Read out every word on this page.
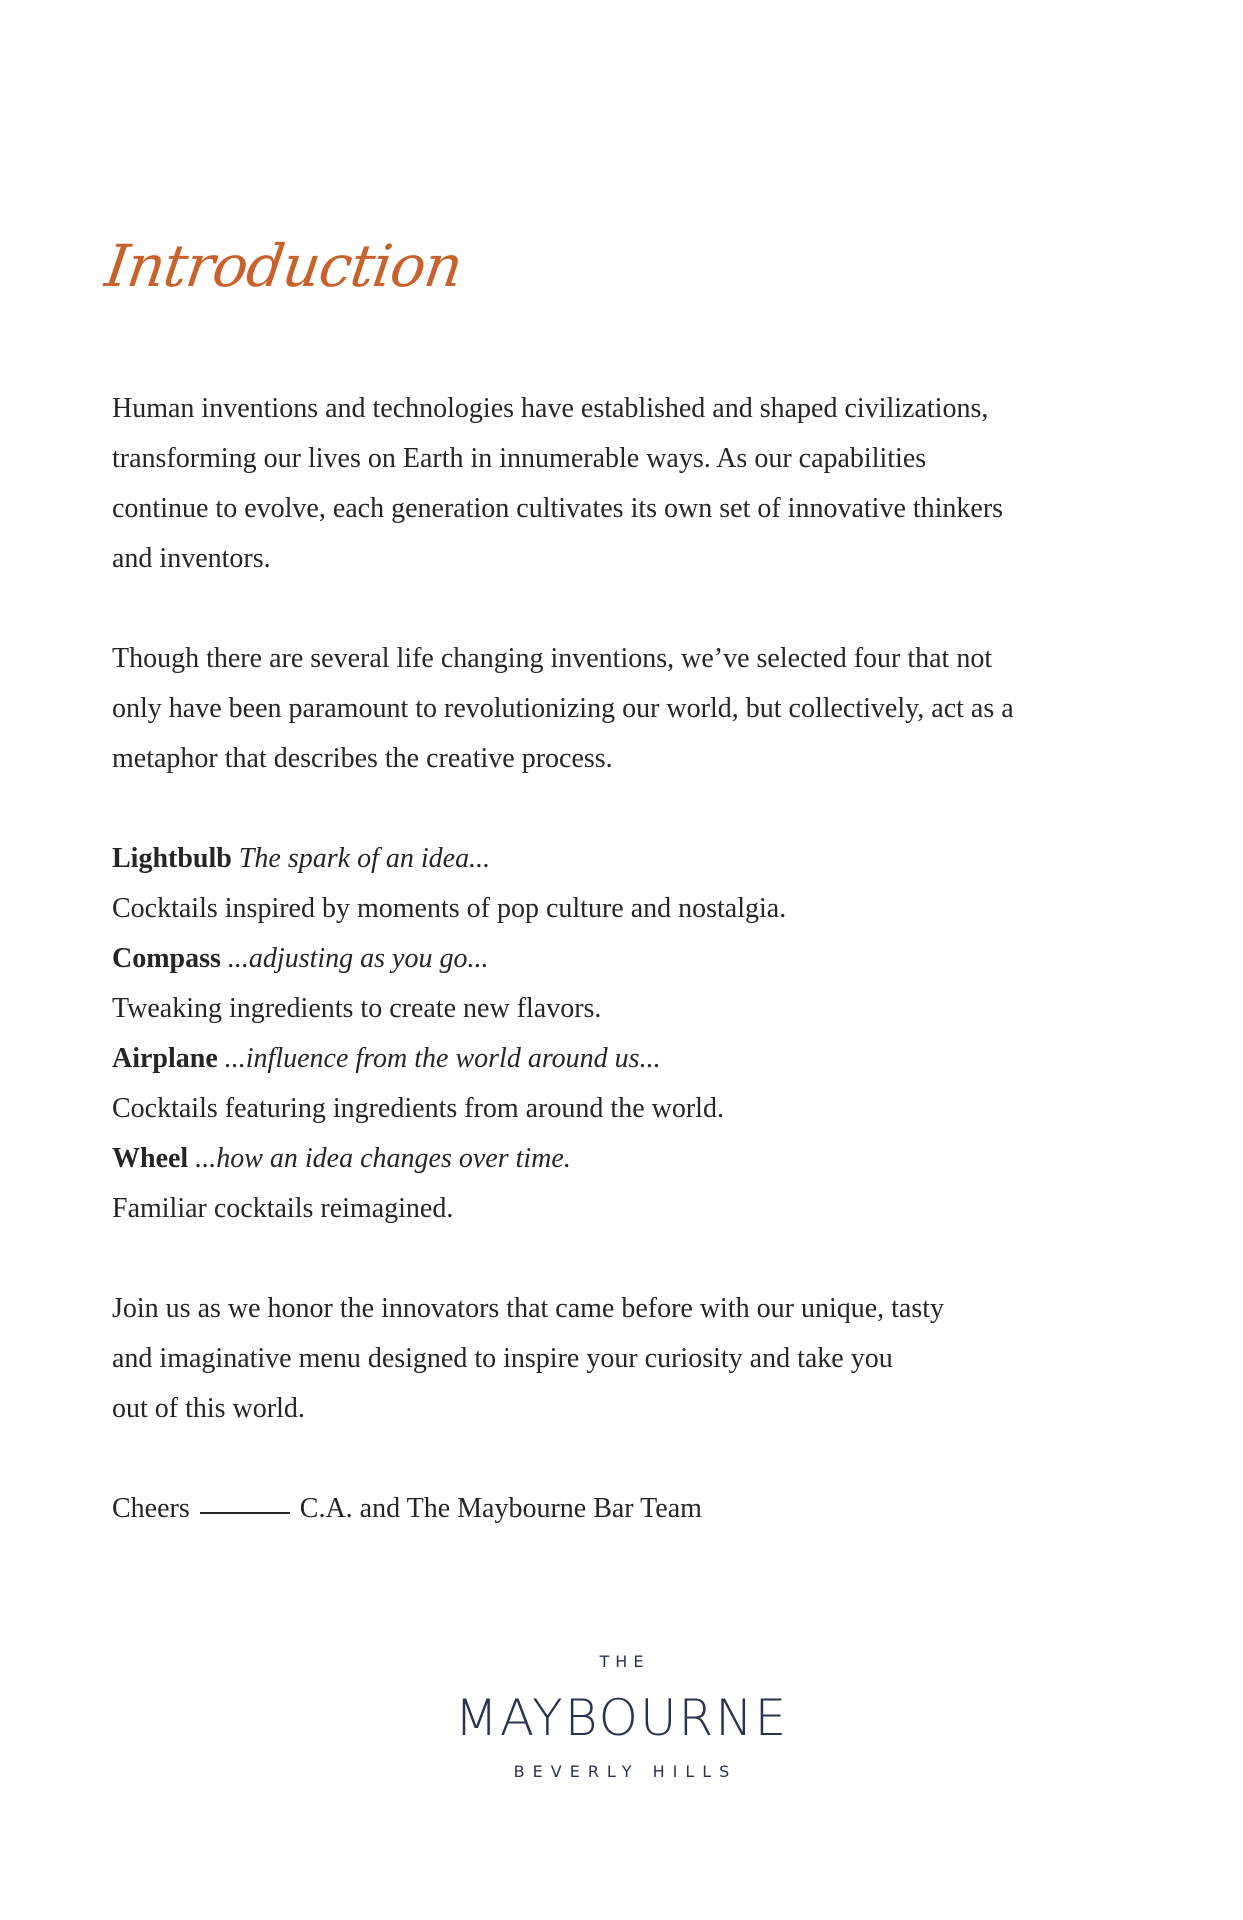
Introduction
Human inventions and technologies have established and shaped civilizations,
transforming our lives on Earth in innumerable ways. As our capabilities
continue to evolve, each generation cultivates its own set of innovative thinkers
and inventors.
Though there are several life changing inventions, we’ve selected four that not
only have been paramount to revolutionizing our world, but collectively, act as a
metaphor that describes the creative process.
Lightbulb The spark of an idea...
Cocktails inspired by moments of pop culture and nostalgia.
Compass ...adjusting as you go...
Tweaking ingredients to create new flavors.
Airplane ...influence from the world around us...
Cocktails featuring ingredients from around the world.
Wheel ...how an idea changes over time.
Familiar cocktails reimagined.
Join us as we honor the innovators that came before with our unique, tasty
and imaginative menu designed to inspire your curiosity and take you
out of this world.
Cheers	C.A. and The Maybourne Bar Team
THE
MAYBOURNE
BEVERLY HILLS
